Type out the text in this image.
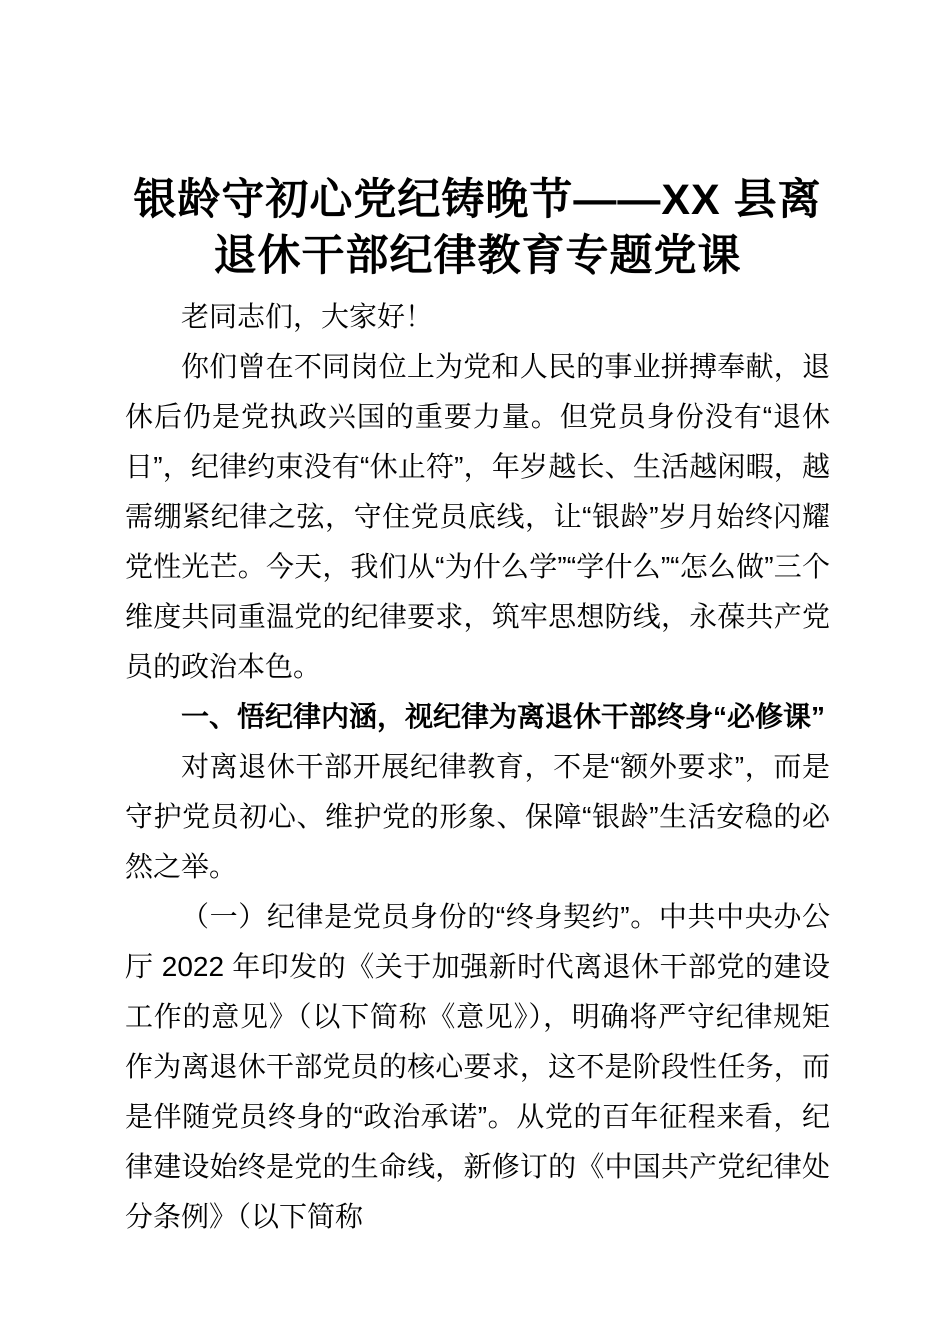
银龄守初心党纪铸晚节——XX 县离退休干部纪律教育专题党课

老同志们，大家好！

你们曾在不同岗位上为党和人民的事业拼搏奉献，退休后仍是党执政兴国的重要力量。但党员身份没有“退休日”，纪律约束没有“休止符”，年岁越长、生活越闲暇，越需绷紧纪律之弦，守住党员底线，让“银龄”岁月始终闪耀党性光芒。今天，我们从“为什么学”“学什么”“怎么做”三个维度共同重温党的纪律要求，筑牢思想防线，永葆共产党员的政治本色。

一、悟纪律内涵，视纪律为离退休干部终身“必修课”

对离退休干部开展纪律教育，不是“额外要求”，而是守护党员初心、维护党的形象、保障“银龄”生活安稳的必然之举。

（一）纪律是党员身份的“终身契约”。中共中央办公厅 2022 年印发的《关于加强新时代离退休干部党的建设工作的意见》（以下简称《意见》），明确将严守纪律规矩作为离退休干部党员的核心要求，这不是阶段性任务，而是伴随党员终身的“政治承诺”。从党的百年征程来看，纪律建设始终是党的生命线，新修订的《中国共产党纪律处分条例》（以下简称
